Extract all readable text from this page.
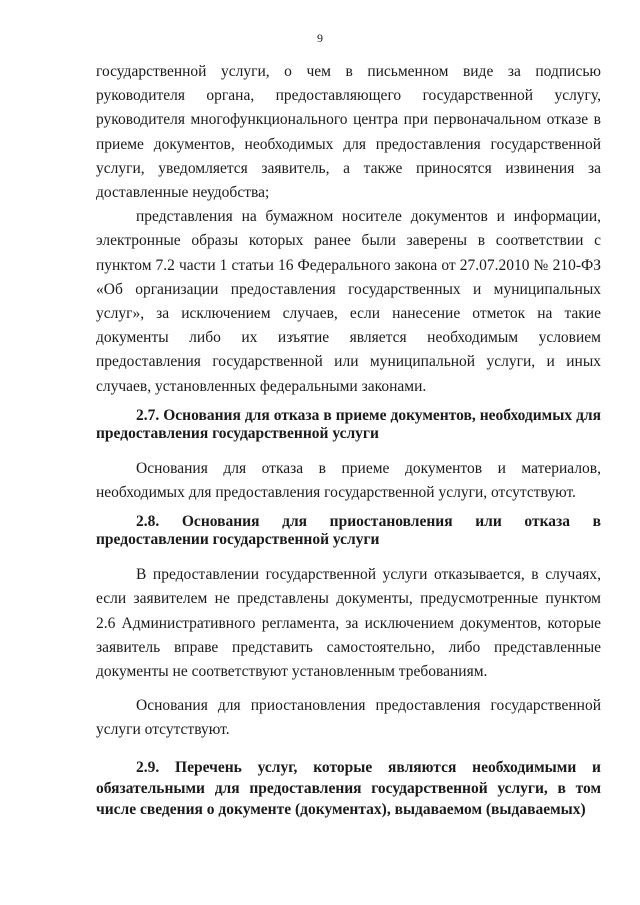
9

государственной услуги, о чем в письменном виде за подписью руководителя органа, предоставляющего государственной услугу, руководителя многофункционального центра при первоначальном отказе в приеме документов, необходимых для предоставления государственной услуги, уведомляется заявитель, а также приносятся извинения за доставленные неудобства;

представления на бумажном носителе документов и информации, электронные образы которых ранее были заверены в соответствии с пунктом 7.2 части 1 статьи 16 Федерального закона от 27.07.2010 № 210-ФЗ «Об организации предоставления государственных и муниципальных услуг», за исключением случаев, если нанесение отметок на такие документы либо их изъятие является необходимым условием предоставления государственной или муниципальной услуги, и иных случаев, установленных федеральными законами.

2.7. Основания для отказа в приеме документов, необходимых для предоставления государственной услуги

Основания для отказа в приеме документов и материалов, необходимых для предоставления государственной услуги, отсутствуют.

2.8. Основания для приостановления или отказа в предоставлении государственной услуги

В предоставлении государственной услуги отказывается, в случаях, если заявителем не представлены документы, предусмотренные пунктом 2.6 Административного регламента, за исключением документов, которые заявитель вправе представить самостоятельно, либо представленные документы не соответствуют установленным требованиям.

Основания для приостановления предоставления государственной услуги отсутствуют.

2.9. Перечень услуг, которые являются необходимыми и обязательными для предоставления государственной услуги, в том числе сведения о документе (документах), выдаваемом (выдаваемых)
